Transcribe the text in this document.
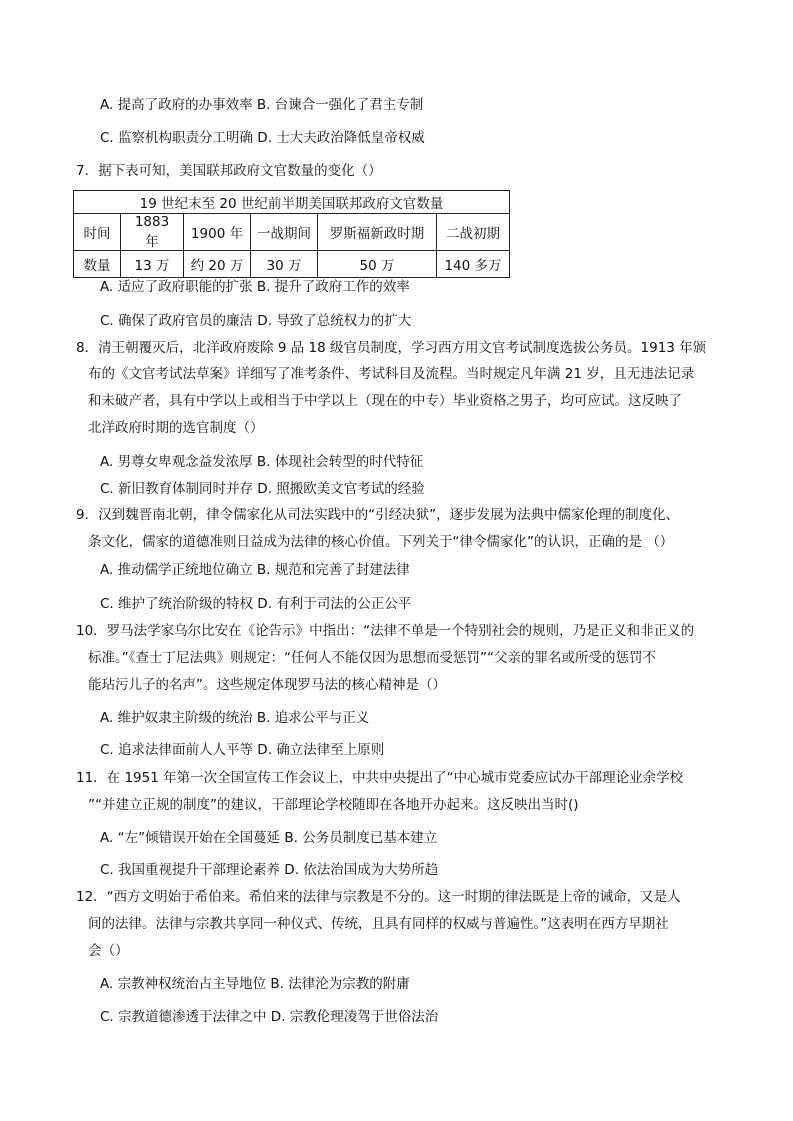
A. 提高了政府的办事效率 B. 台谏合一强化了君主专制
C. 监察机构职责分工明确 D. 士大夫政治降低皇帝权威
7．据下表可知，美国联邦政府文官数量的变化（）
19 世纪末至 20 世纪前半期美国联邦政府文官数量					
时间	1883 年	1900 年	一战期间	罗斯福新政时期	二战初期
数量	13 万	约 20 万	30 万	50 万	140 多万
A. 适应了政府职能的扩张 B. 提升了政府工作的效率
C. 确保了政府官员的廉洁 D. 导致了总统权力的扩大
8．清王朝覆灭后，北洋政府废除 9 品 18 级官员制度，学习西方用文官考试制度选拔公务员。1913 年颁
布的《文官考试法草案》详细写了准考条件、考试科目及流程。当时规定凡年满 21 岁，且无违法记录
和未破产者，具有中学以上或相当于中学以上（现在的中专）毕业资格之男子，均可应试。这反映了
北洋政府时期的选官制度（）
A. 男尊女卑观念益发浓厚 B. 体现社会转型的时代特征
C. 新旧教育体制同时并存 D. 照搬欧美文官考试的经验
9．汉到魏晋南北朝，律令儒家化从司法实践中的“引经决狱”，逐步发展为法典中儒家伦理的制度化、
条文化，儒家的道德准则日益成为法律的核心价值。下列关于“律令儒家化”的认识，正确的是 （）
A. 推动儒学正统地位确立 B. 规范和完善了封建法律
C. 维护了统治阶级的特权 D. 有利于司法的公正公平
10．罗马法学家乌尔比安在《论告示》中指出：“法律不单是一个特别社会的规则，乃是正义和非正义的
标准。”《查士丁尼法典》则规定：“任何人不能仅因为思想而受惩罚”“父亲的罪名或所受的惩罚不
能玷污儿子的名声”。这些规定体现罗马法的核心精神是（）
A. 维护奴隶主阶级的统治 B. 追求公平与正义
C. 追求法律面前人人平等 D. 确立法律至上原则
11．在 1951 年第一次全国宣传工作会议上，中共中央提出了“中心城市党委应试办干部理论业余学校
”“并建立正规的制度”的建议，干部理论学校随即在各地开办起来。这反映出当时()
A. “左”倾错误开始在全国蔓延 B. 公务员制度已基本建立
C. 我国重视提升干部理论素养 D. 依法治国成为大势所趋
12．“西方文明始于希伯来。希伯来的法律与宗教是不分的。这一时期的律法既是上帝的诫命，又是人
间的法律。法律与宗教共享同一种仪式、传统，且具有同样的权威与普遍性。”这表明在西方早期社
会（）
A. 宗教神权统治占主导地位 B. 法律沦为宗教的附庸
C. 宗教道德渗透于法律之中 D. 宗教伦理凌驾于世俗法治
